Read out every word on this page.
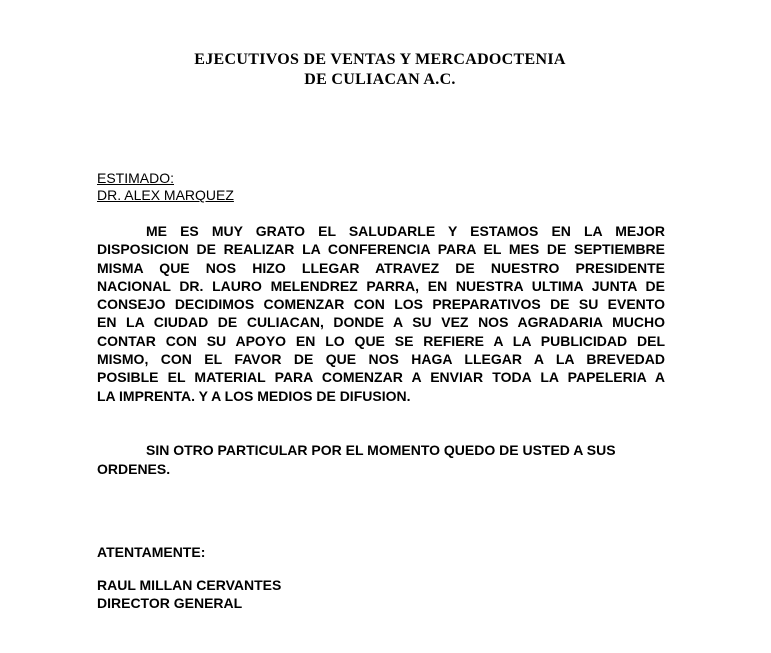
EJECUTIVOS DE VENTAS Y MERCADOCTENIA
DE CULIACAN A.C.
ESTIMADO:
DR. ALEX MARQUEZ
ME ES MUY GRATO EL SALUDARLE Y ESTAMOS EN LA MEJOR
DISPOSICION DE REALIZAR LA CONFERENCIA PARA EL MES DE SEPTIEMBRE
MISMA QUE NOS HIZO LLEGAR ATRAVEZ DE NUESTRO PRESIDENTE
NACIONAL DR. LAURO MELENDREZ PARRA, EN NUESTRA ULTIMA JUNTA DE
CONSEJO DECIDIMOS COMENZAR CON LOS PREPARATIVOS DE SU EVENTO
EN LA CIUDAD DE CULIACAN, DONDE A SU VEZ NOS AGRADARIA MUCHO
CONTAR CON SU APOYO EN LO QUE SE REFIERE A LA PUBLICIDAD DEL
MISMO, CON EL FAVOR DE QUE NOS HAGA LLEGAR A LA BREVEDAD
POSIBLE EL MATERIAL PARA COMENZAR A ENVIAR TODA LA PAPELERIA A
LA IMPRENTA. Y A LOS MEDIOS DE DIFUSION.
SIN OTRO PARTICULAR POR EL MOMENTO QUEDO DE USTED A SUS
ORDENES.
ATENTAMENTE:
RAUL MILLAN CERVANTES
DIRECTOR GENERAL
